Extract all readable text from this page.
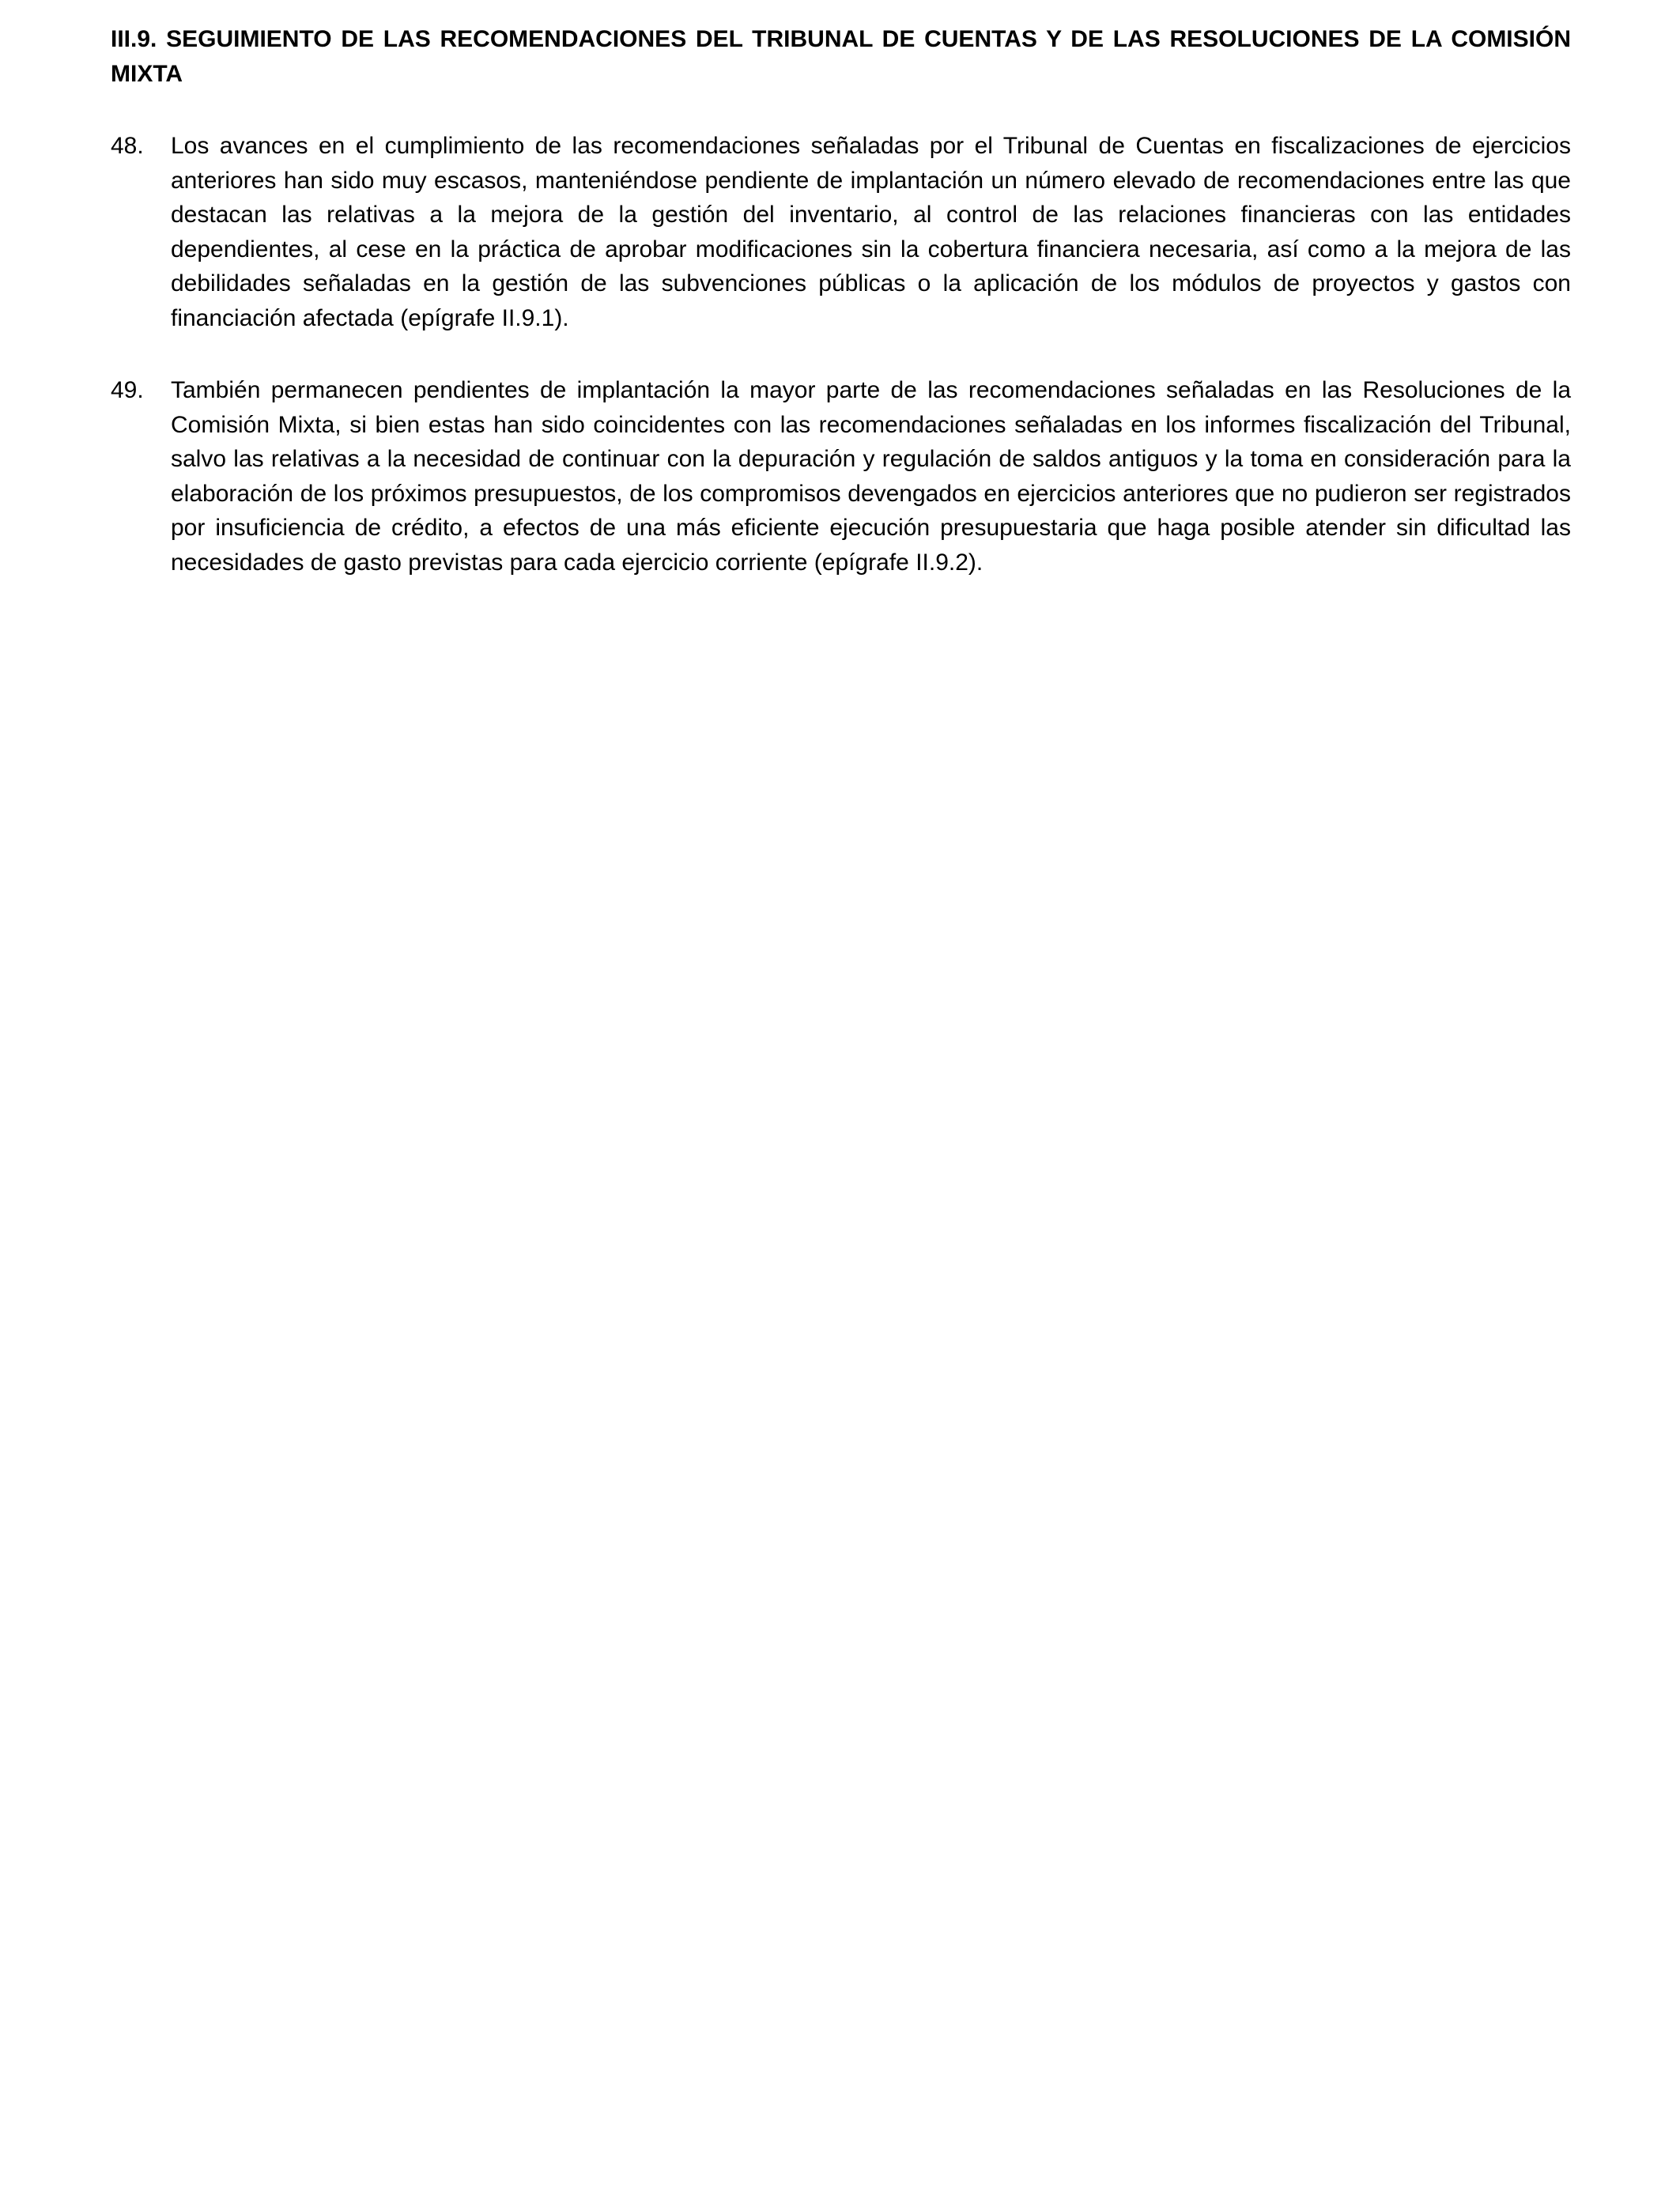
III.9. SEGUIMIENTO DE LAS RECOMENDACIONES DEL TRIBUNAL DE CUENTAS Y DE LAS RESOLUCIONES DE LA COMISIÓN MIXTA
48.	Los avances en el cumplimiento de las recomendaciones señaladas por el Tribunal de Cuentas en fiscalizaciones de ejercicios anteriores han sido muy escasos, manteniéndose pendiente de implantación un número elevado de recomendaciones entre las que destacan las relativas a la mejora de la gestión del inventario, al control de las relaciones financieras con las entidades dependientes, al cese en la práctica de aprobar modificaciones sin la cobertura financiera necesaria, así como a la mejora de las debilidades señaladas en la gestión de las subvenciones públicas o la aplicación de los módulos de proyectos y gastos con financiación afectada (epígrafe II.9.1).

49.	También permanecen pendientes de implantación la mayor parte de las recomendaciones señaladas en las Resoluciones de la Comisión Mixta, si bien estas han sido coincidentes con las recomendaciones señaladas en los informes fiscalización del Tribunal, salvo las relativas a la necesidad de continuar con la depuración y regulación de saldos antiguos y la toma en consideración para la elaboración de los próximos presupuestos, de los compromisos devengados en ejercicios anteriores que no pudieron ser registrados por insuficiencia de crédito, a efectos de una más eficiente ejecución presupuestaria que haga posible atender sin dificultad las necesidades de gasto previstas para cada ejercicio corriente (epígrafe II.9.2).
